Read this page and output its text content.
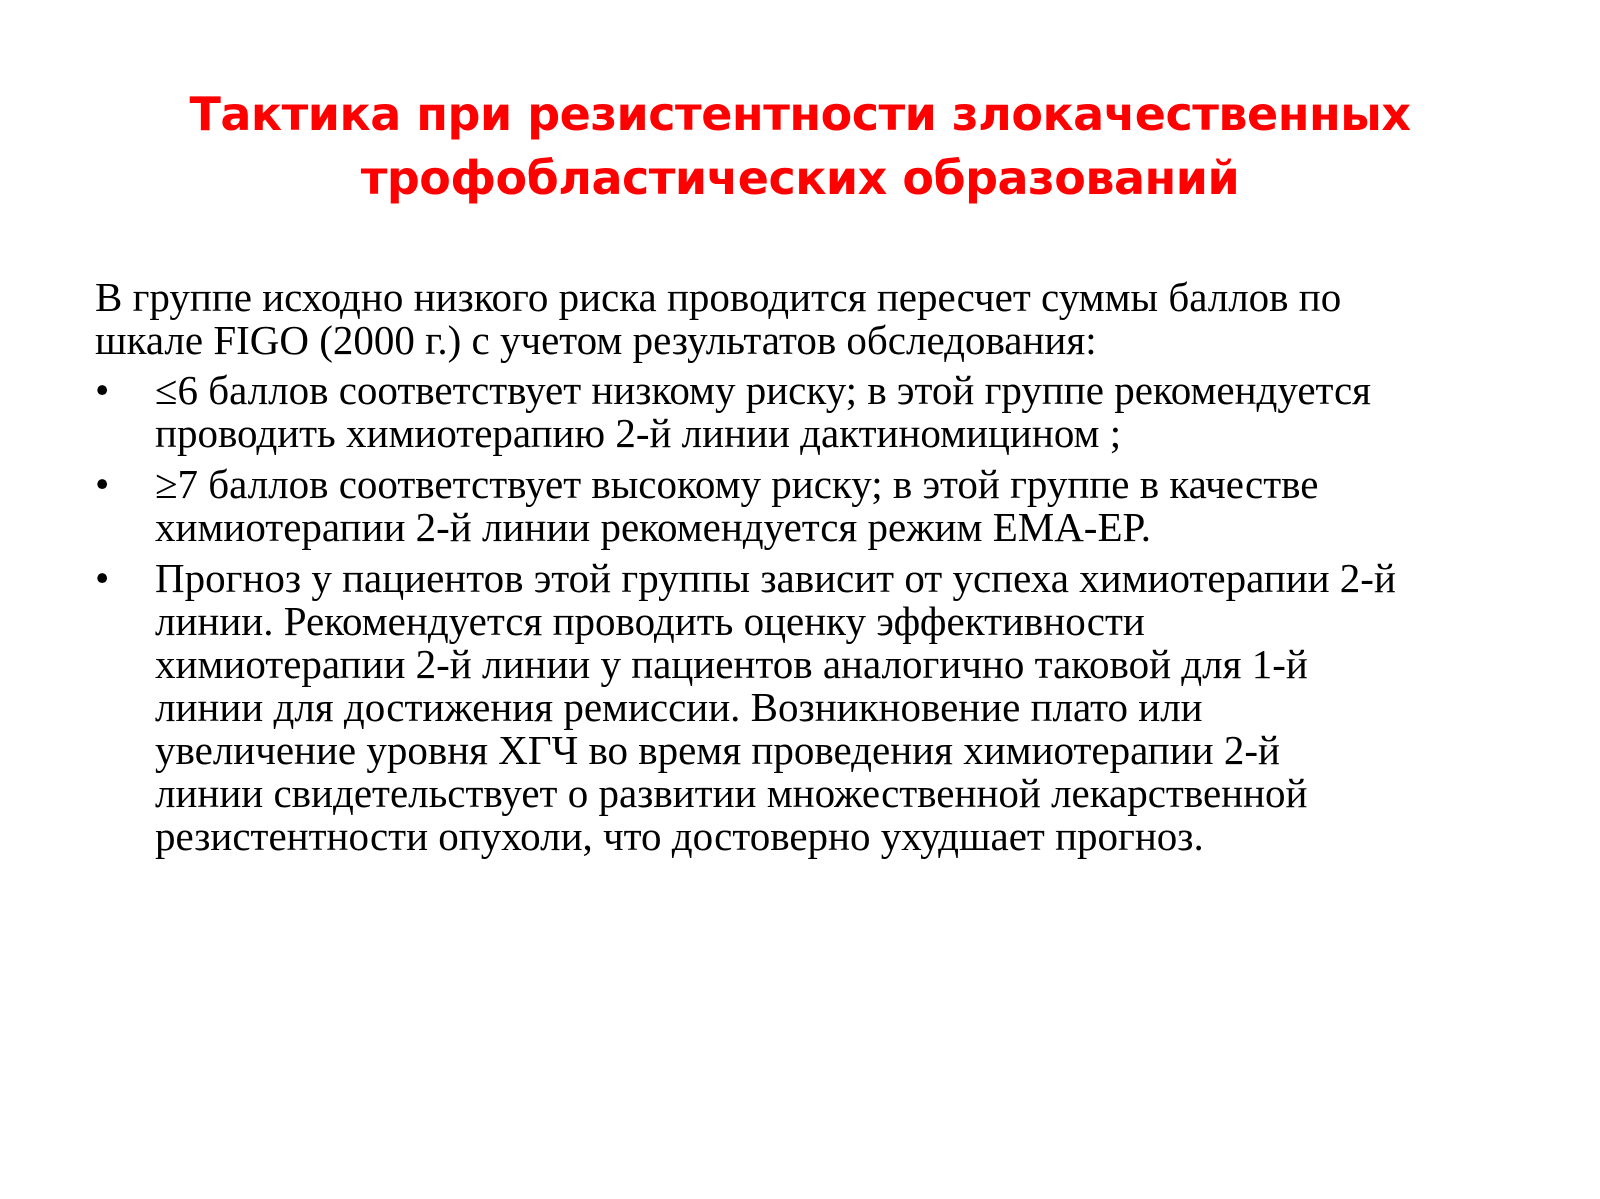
Тактика при резистентности злокачественных
трофобластических образований

В группе исходно низкого риска проводится пересчет суммы баллов по
шкале FIGO (2000 г.) с учетом результатов обследования:

•	≤6 баллов соответствует низкому риску; в этой группе рекомендуется
проводить химиотерапию 2-й линии дактиномицином ;
•	≥7 баллов соответствует высокому риску; в этой группе в качестве
химиотерапии 2-й линии рекомендуется режим EMA-EP.
•	Прогноз у пациентов этой группы зависит от успеха химиотерапии 2-й
линии. Рекомендуется проводить оценку эффективности
химиотерапии 2-й линии у пациентов аналогично таковой для 1-й
линии для достижения ремиссии. Возникновение плато или
увеличение уровня ХГЧ во время проведения химиотерапии 2-й
линии свидетельствует о развитии множественной лекарственной
резистентности опухоли, что достоверно ухудшает прогноз.
